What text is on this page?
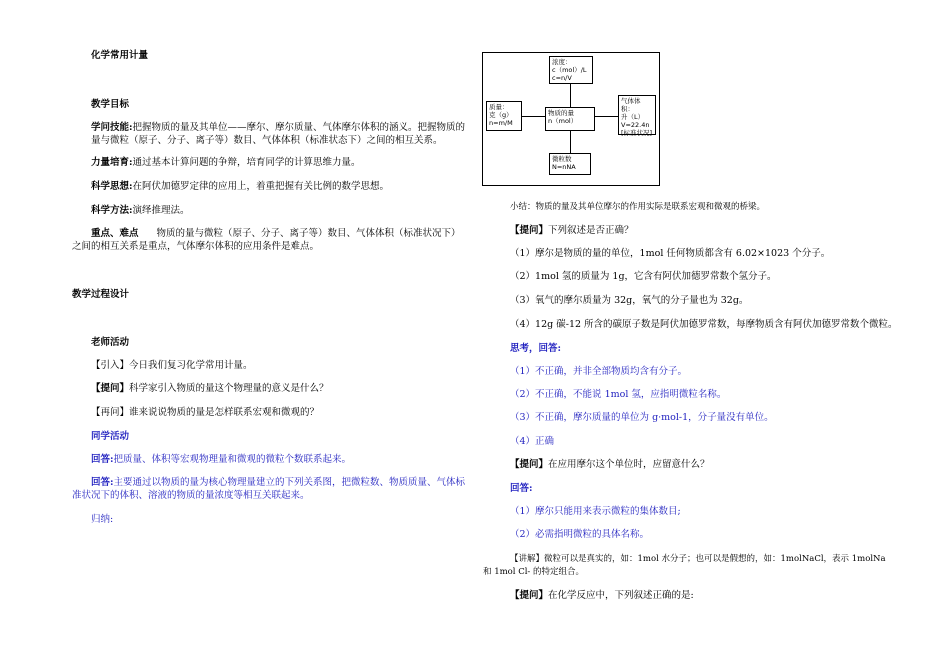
化学常用计量
教学目标
学问技能:把握物质的量及其单位——摩尔、摩尔质量、气体摩尔体积的涵义。把握物质的
量与微粒（原子、分子、离子等）数目、气体体积（标准状态下）之间的相互关系。
力量培育:通过基本计算问题的争辩，培育同学的计算思维力量。
科学思想:在阿伏加德罗定律的应用上，着重把握有关比例的数学思想。
科学方法:演绎推理法。
重点、难点 物质的量与微粒（原子、分子、离子等）数目、气体体积（标准状况下）
之间的相互关系是重点，气体摩尔体积的应用条件是难点。
教学过程设计
老师活动
【引入】今日我们复习化学常用计量。
【提问】科学家引入物质的量这个物理量的意义是什么？
【再问】谁来说说物质的量是怎样联系宏观和微观的？
同学活动
回答:把质量、体积等宏观物理量和微观的微粒个数联系起来。
回答:主要通过以物质的量为核心物理量建立的下列关系图，把微粒数、物质质量、气体标
准状况下的体积、溶液的物质的量浓度等相互关联起来。
归纳:
浓度：
c（mol）/L
c=n/V
质量：
克（g）
n=m/M
物质的量
n（mol）
气体体积：
升（L）
V=22.4n
[标准状况]
微粒数
N=nNA
小结：物质的量及其单位摩尔的作用实际是联系宏观和微观的桥梁。
【提问】下列叙述是否正确？
（1）摩尔是物质的量的单位，1mol 任何物质都含有 6.02×1023 个分子。
（2）1mol 氢的质量为 1g，它含有阿伏加德罗常数个氢分子。
（3）氧气的摩尔质量为 32g，氧气的分子量也为 32g。
（4）12g 碳-12 所含的碳原子数是阿伏加德罗常数，每摩物质含有阿伏加德罗常数个微粒。
思考，回答:
（1）不正确，并非全部物质均含有分子。
（2）不正确，不能说 1mol 氢，应指明微粒名称。
（3）不正确，摩尔质量的单位为 g·mol-1，分子量没有单位。
（4）正确
【提问】在应用摩尔这个单位时，应留意什么？
回答:
（1）摩尔只能用来表示微粒的集体数目;
（2）必需指明微粒的具体名称。
【讲解】微粒可以是真实的，如：1mol 水分子；也可以是假想的，如：1molNaCl，表示 1molNa
和 1mol Cl- 的特定组合。
【提问】在化学反应中，下列叙述正确的是:
